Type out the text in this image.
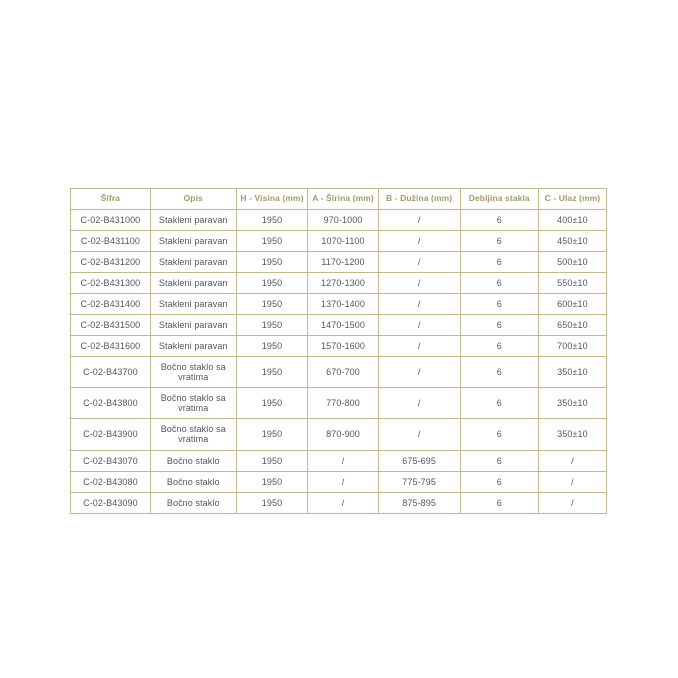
Šifra	Opis	H - Visina (mm)	A - Širina (mm)	B - Dužina (mm)	Debljina stakla	C - Ulaz (mm)
C-02-B431000	Stakleni paravan	1950	970-1000	/	6	400±10
C-02-B431100	Stakleni paravan	1950	1070-1100	/	6	450±10
C-02-B431200	Stakleni paravan	1950	1170-1200	/	6	500±10
C-02-B431300	Stakleni paravan	1950	1270-1300	/	6	550±10
C-02-B431400	Stakleni paravan	1950	1370-1400	/	6	600±10
C-02-B431500	Stakleni paravan	1950	1470-1500	/	6	650±10
C-02-B431600	Stakleni paravan	1950	1570-1600	/	6	700±10
C-02-B43700	Bočno staklo sa vratima	1950	670-700	/	6	350±10
C-02-B43800	Bočno staklo sa vratima	1950	770-800	/	6	350±10
C-02-B43900	Bočno staklo sa vratima	1950	870-900	/	6	350±10
C-02-B43070	Bočno staklo	1950	/	675-695	6	/
C-02-B43080	Bočno staklo	1950	/	775-795	6	/
C-02-B43090	Bočno staklo	1950	/	875-895	6	/
